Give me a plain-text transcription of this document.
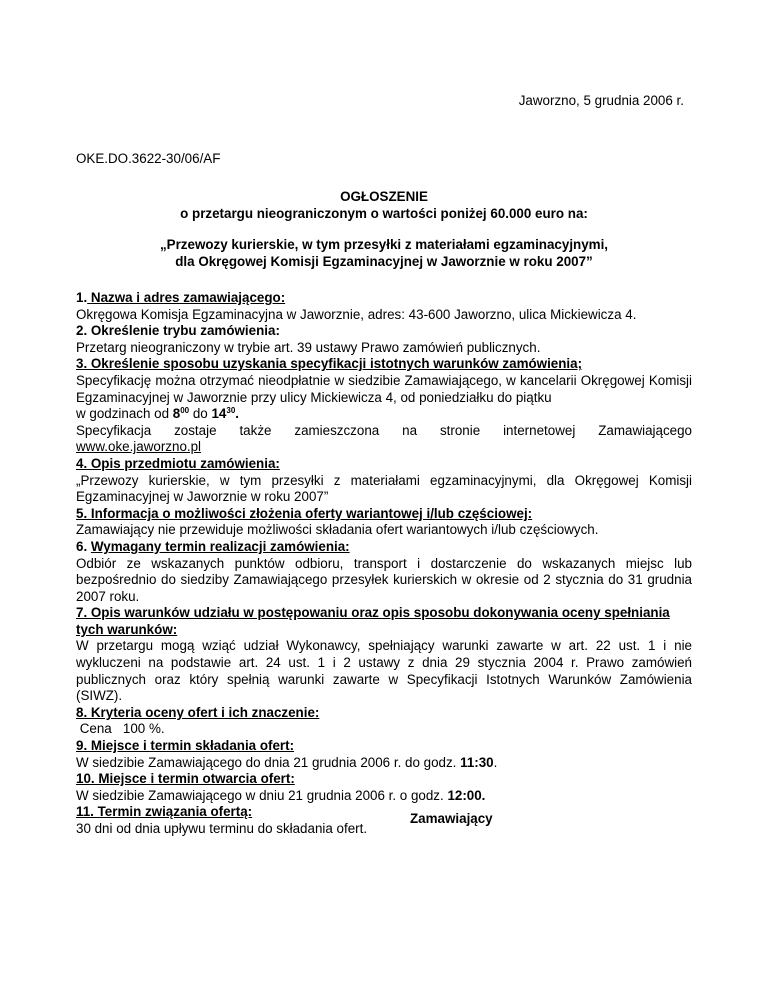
Jaworzno, 5 grudnia 2006 r.
OKE.DO.3622-30/06/AF
OGŁOSZENIE
o przetargu nieograniczonym o wartości poniżej 60.000 euro na:
„Przewozy kurierskie, w tym przesyłki z materiałami egzaminacyjnymi,
dla Okręgowej Komisji Egzaminacyjnej w Jaworznie w roku 2007”
1. Nazwa i adres zamawiającego:
Okręgowa Komisja Egzaminacyjna w Jaworznie, adres: 43-600 Jaworzno, ulica Mickiewicza 4.
2. Określenie trybu zamówienia:
Przetarg nieograniczony w trybie art. 39 ustawy Prawo zamówień publicznych.
3. Określenie sposobu uzyskania specyfikacji istotnych warunków zamówienia;
Specyfikację można otrzymać nieodpłatnie w siedzibie Zamawiającego, w kancelarii Okręgowej Komisji Egzaminacyjnej w Jaworznie przy ulicy Mickiewicza 4, od poniedziałku do piątku
w godzinach od $8^{00}$ do $14^{30}$.
Specyfikacja zostaje także zamieszczona na stronie internetowej Zamawiającego
www.oke.jaworzno.pl
4. Opis przedmiotu zamówienia:
„Przewozy kurierskie, w tym przesyłki z materiałami egzaminacyjnymi, dla Okręgowej Komisji Egzaminacyjnej w Jaworznie w roku 2007”
5. Informacja o możliwości złożenia oferty wariantowej i/lub częściowej:
Zamawiający nie przewiduje możliwości składania ofert wariantowych i/lub częściowych.
6. Wymagany termin realizacji zamówienia:
Odbiór ze wskazanych punktów odbioru, transport i dostarczenie do wskazanych miejsc lub bezpośrednio do siedziby Zamawiającego przesyłek kurierskich w okresie od 2 stycznia do 31 grudnia 2007 roku.
7. Opis warunków udziału w postępowaniu oraz opis sposobu dokonywania oceny spełniania tych warunków:
W przetargu mogą wziąć udział Wykonawcy, spełniający warunki zawarte w art. 22 ust. 1 i nie wykluczeni na podstawie art. 24 ust. 1 i 2 ustawy z dnia 29 stycznia 2004 r. Prawo zamówień publicznych oraz który spełnią warunki zawarte w Specyfikacji Istotnych Warunków Zamówienia (SIWZ).
8. Kryteria oceny ofert i ich znaczenie:
Cena   100 %.
9. Miejsce i termin składania ofert:
W siedzibie Zamawiającego do dnia 21 grudnia 2006 r. do godz. 11:30.
10. Miejsce i termin otwarcia ofert:
W siedzibie Zamawiającego w dniu 21 grudnia 2006 r. o godz. 12:00.
11. Termin związania ofertą:
30 dni od dnia upływu terminu do składania ofert.
Zamawiający
